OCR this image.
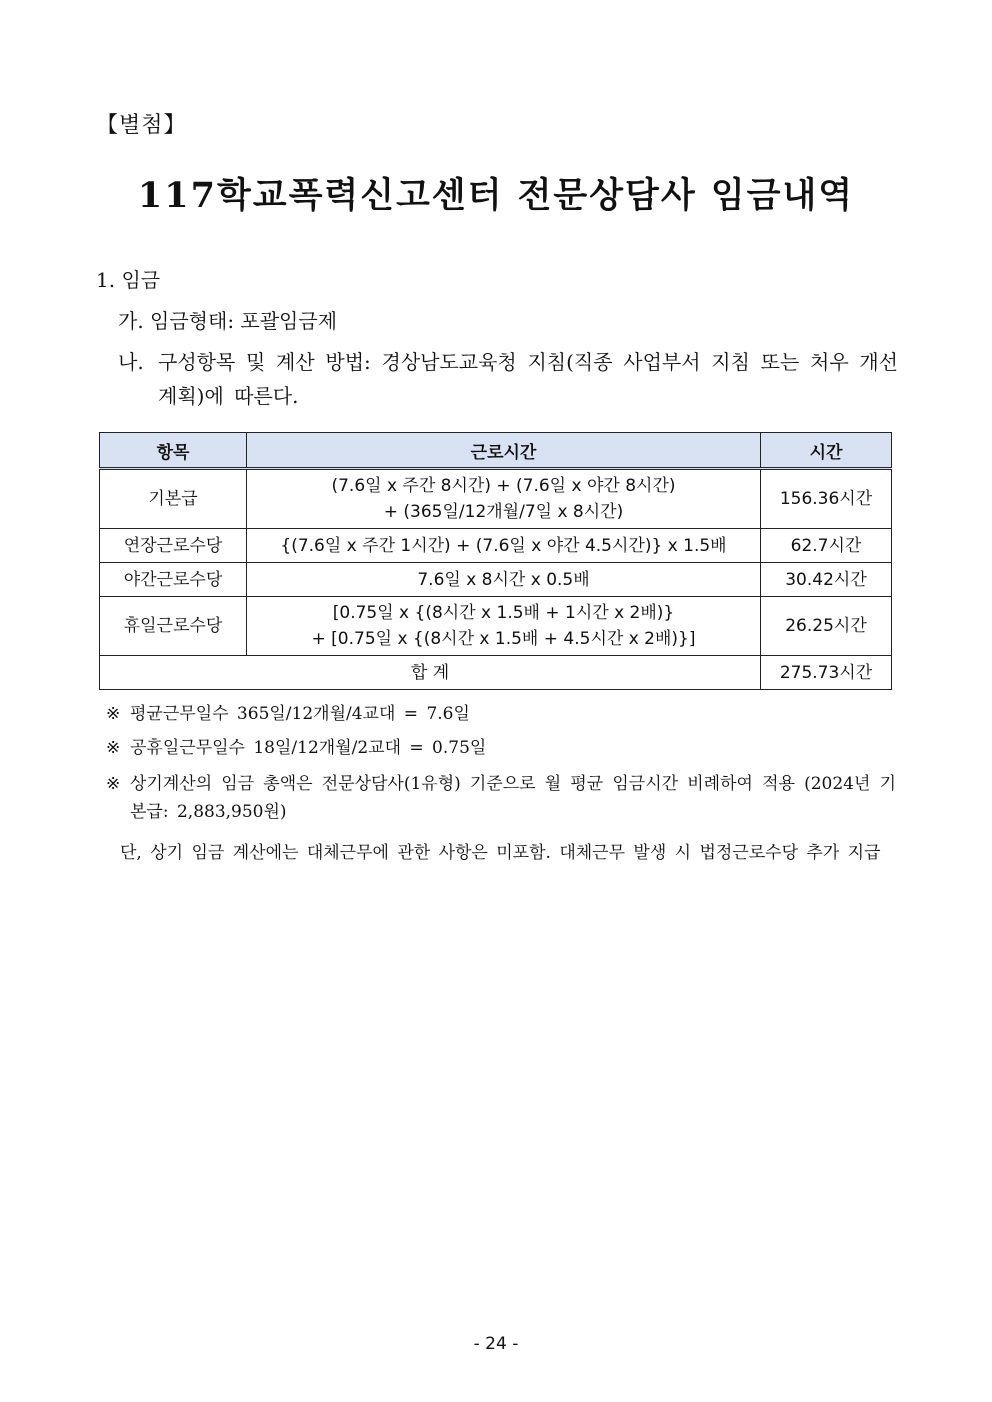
【별첨】
117학교폭력신고센터 전문상담사 임금내역
1. 임금
가. 임금형태: 포괄임금제
나. 구성항목 및 계산 방법: 경상남도교육청 지침(직종 사업부서 지침 또는 처우 개선 계획)에 따른다.
항목	근로시간	시간
기본급	(7.6일 x 주간 8시간) + (7.6일 x 야간 8시간)
+ (365일/12개월/7일 x 8시간)	156.36시간
연장근로수당	{(7.6일 x 주간 1시간) + (7.6일 x 야간 4.5시간)} x 1.5배	62.7시간
야간근로수당	7.6일 x 8시간 x 0.5배	30.42시간
휴일근로수당	[0.75일 x {(8시간 x 1.5배 + 1시간 x 2배)}
+ [0.75일 x {(8시간 x 1.5배 + 4.5시간 x 2배)}]	26.25시간
합 계		275.73시간
※ 평균근무일수 365일/12개월/4교대 = 7.6일
※ 공휴일근무일수 18일/12개월/2교대 = 0.75일
※ 상기계산의 임금 총액은 전문상담사(1유형) 기준으로 월 평균 임금시간 비례하여 적용 (2024년 기본급: 2,883,950원)
단, 상기 임금 계산에는 대체근무에 관한 사항은 미포함. 대체근무 발생 시 법정근로수당 추가 지급
- 24 -
